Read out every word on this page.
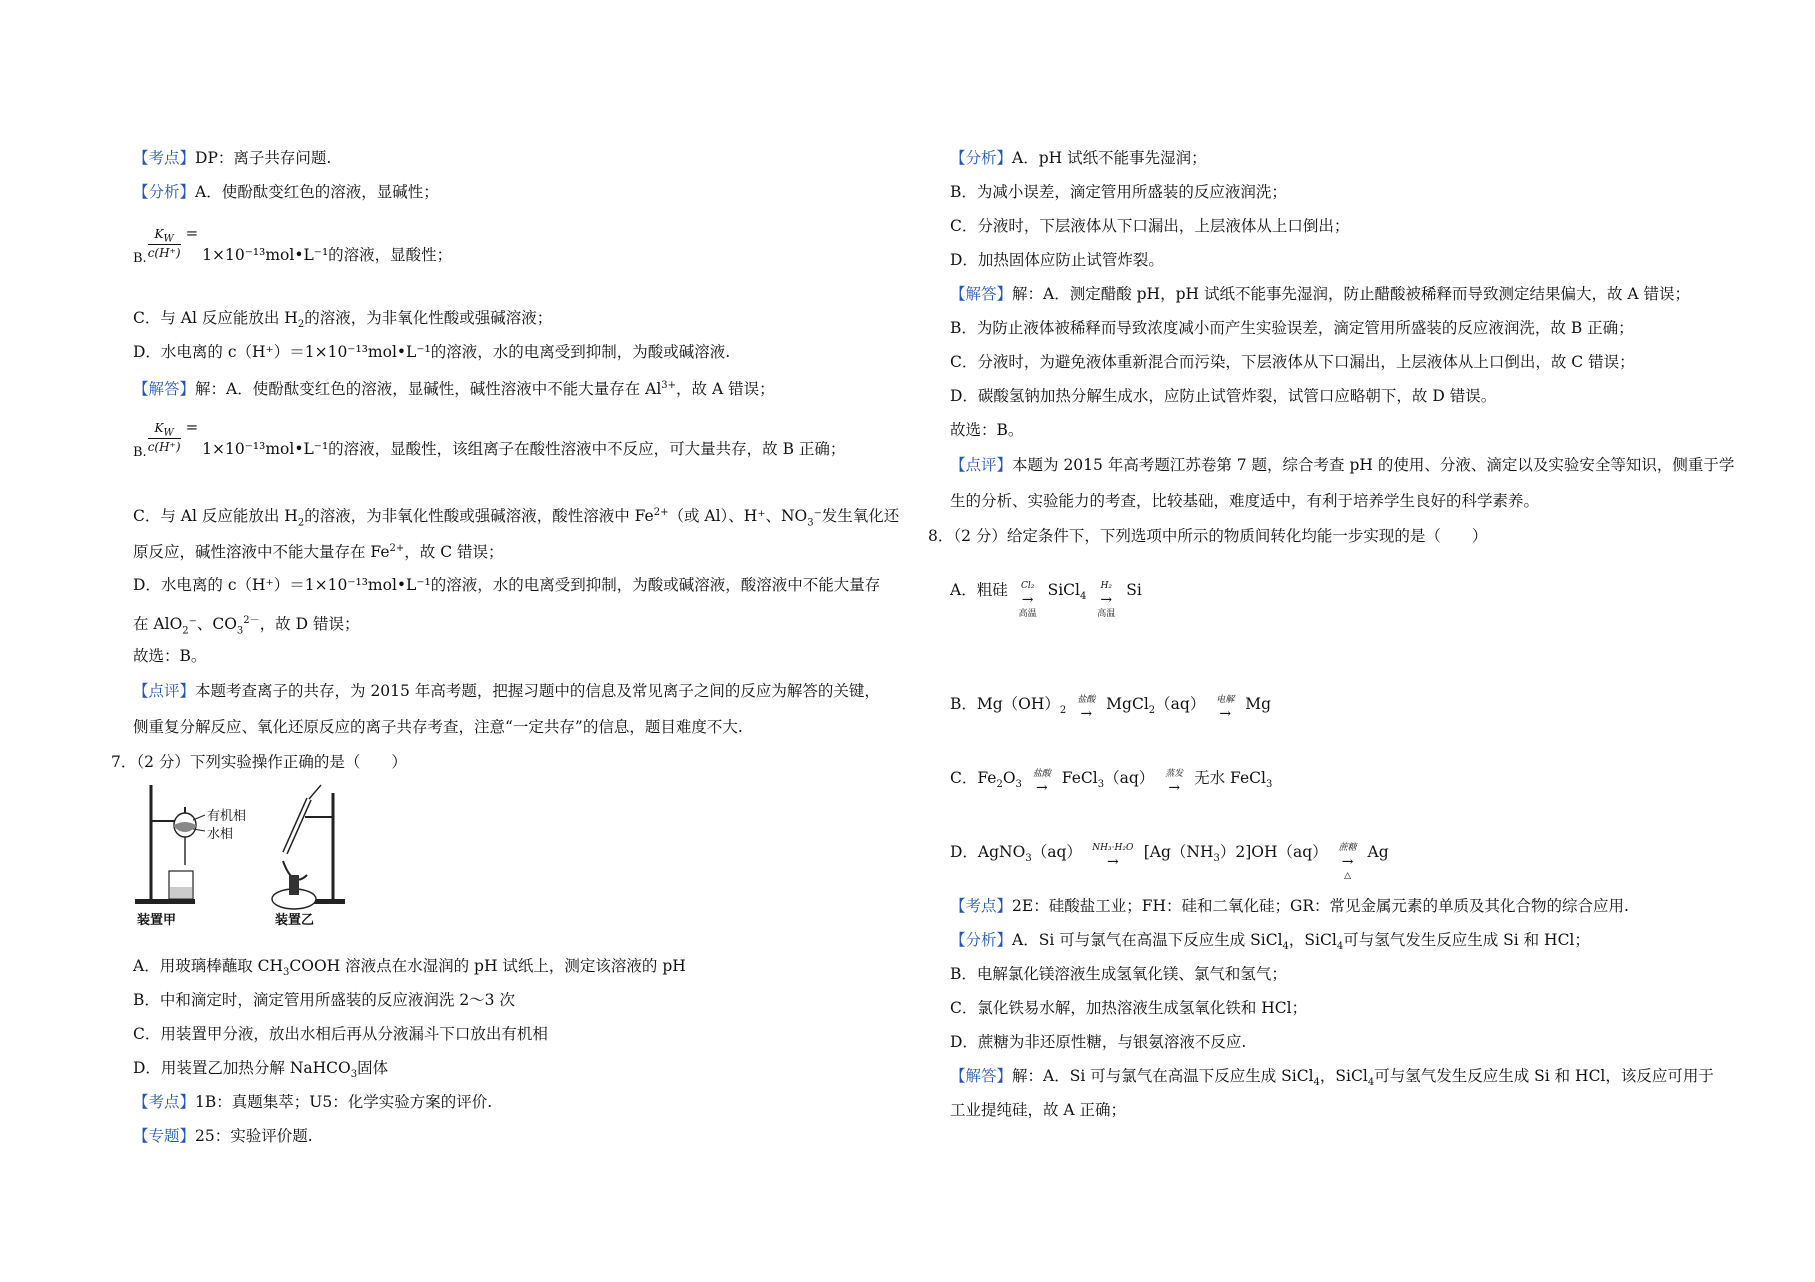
【考点】DP：离子共存问题.
【分析】A．使酚酞变红色的溶液，显碱性；
B. $\frac{K_W}{c(H^+)}$ =
1×10⁻¹³mol•L⁻¹的溶液，显酸性；
C．与 Al 反应能放出 $H_2$的溶液，为非氧化性酸或强碱溶液；
D．水电离的 c（H⁺）＝1×10⁻¹³mol•L⁻¹的溶液，水的电离受到抑制，为酸或碱溶液.
【解答】解：A．使酚酞变红色的溶液，显碱性，碱性溶液中不能大量存在 $Al^{3+}$，故 A 错误；
B. $\frac{K_W}{c(H^+)}$ =
1×10⁻¹³mol•L⁻¹的溶液，显酸性，该组离子在酸性溶液中不反应，可大量共存，故 B 正确；
C．与 Al 反应能放出 $H_2$的溶液，为非氧化性酸或强碱溶液，酸性溶液中 $Fe^{2+}$（或 Al）、H⁺、$NO_3^-$发生氧化还
原反应，碱性溶液中不能大量存在 $Fe^{2+}$，故 C 错误；
D．水电离的 c（H⁺）＝1×10⁻¹³mol•L⁻¹的溶液，水的电离受到抑制，为酸或碱溶液，酸溶液中不能大量存
在 AlO$_2$⁻、$CO_3^{2-}$，故 D 错误；
故选：B。
【点评】本题考查离子的共存，为 2015 年高考题，把握习题中的信息及常见离子之间的反应为解答的关键，
侧重复分解反应、氧化还原反应的离子共存考查，注意“一定共存”的信息，题目难度不大.
7．（2 分）下列实验操作正确的是（　　）
有机相
水相
装置甲	装置乙
A．用玻璃棒蘸取 $CH_3COOH$ 溶液点在水湿润的 pH 试纸上，测定该溶液的 pH
B．中和滴定时，滴定管用所盛装的反应液润洗 2～3 次
C．用装置甲分液，放出水相后再从分液漏斗下口放出有机相
D．用装置乙加热分解 NaHCO$_3$固体
【考点】1B：真题集萃；U5：化学实验方案的评价.
【专题】25：实验评价题.
【分析】A．pH 试纸不能事先湿润；
B．为减小误差，滴定管用所盛装的反应液润洗；
C．分液时，下层液体从下口漏出，上层液体从上口倒出；
D．加热固体应防止试管炸裂。
【解答】解：A．测定醋酸 pH，pH 试纸不能事先湿润，防止醋酸被稀释而导致测定结果偏大，故 A 错误；
B．为防止液体被稀释而导致浓度减小而产生实验误差，滴定管用所盛装的反应液润洗，故 B 正确；
C．分液时，为避免液体重新混合而污染，下层液体从下口漏出，上层液体从上口倒出，故 C 错误；
D．碳酸氢钠加热分解生成水，应防止试管炸裂，试管口应略朝下，故 D 错误。
故选：B。
【点评】本题为 2015 年高考题江苏卷第 7 题，综合考查 pH 的使用、分液、滴定以及实验安全等知识，侧重于学
生的分析、实验能力的考查，比较基础，难度适中，有利于培养学生良好的科学素养。
8．（2 分）给定条件下，下列选项中所示的物质间转化均能一步实现的是（　　）
A．粗硅 →
Cl₂
高温
SiCl$_4$ →
H₂
高温
Si
B．$Mg(OH)_2$ →
盐酸 MgCl$_2$（aq） →
电解 Mg
C．$Fe_2O_3$ →
盐酸 FeCl$_3$（aq） →
蒸发 无水 FeCl$_3$
D．AgNO$_3$（aq） →
NH₃·H₂O $[Ag(NH_3)2]OH(aq)$ →
蔗糖
△
Ag
【考点】2E：硅酸盐工业；FH：硅和二氧化硅；GR：常见金属元素的单质及其化合物的综合应用.
【分析】A．Si 可与氯气在高温下反应生成 SiCl$_4$，SiCl$_4$可与氢气发生反应生成 Si 和 HCl；
B．电解氯化镁溶液生成氢氧化镁、氯气和氢气；
C．氯化铁易水解，加热溶液生成氢氧化铁和 HCl；
D．蔗糖为非还原性糖，与银氨溶液不反应.
【解答】解：A．Si 可与氯气在高温下反应生成 SiCl$_4$，SiCl$_4$可与氢气发生反应生成 Si 和 HCl，该反应可用于
工业提纯硅，故 A 正确；
